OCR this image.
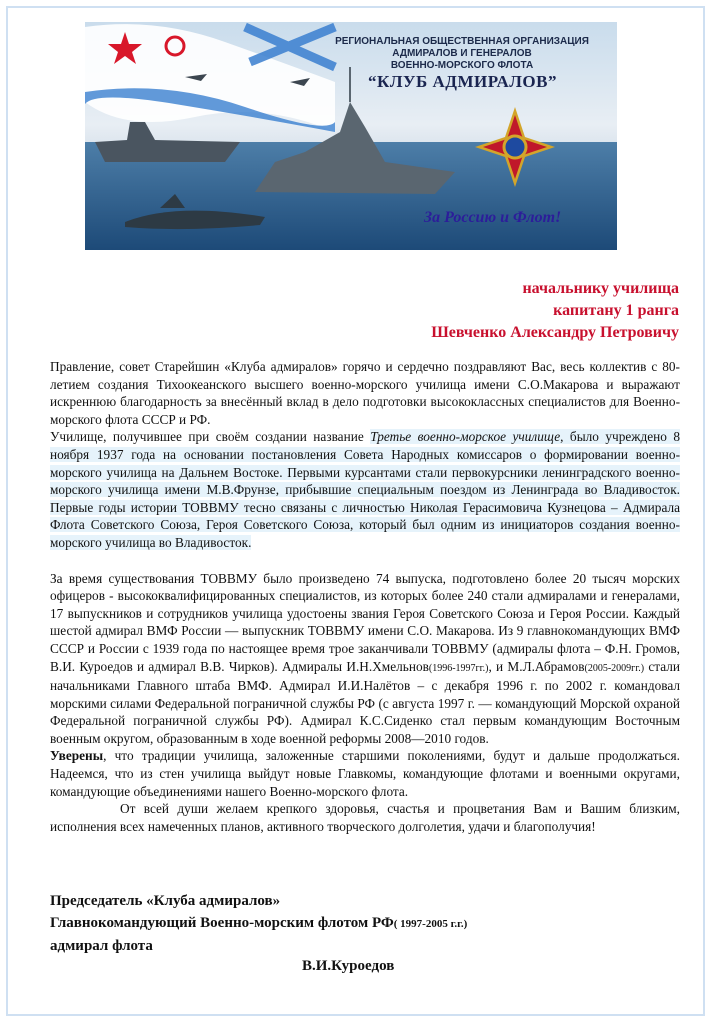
РЕГИОНАЛЬНАЯ ОБЩЕСТВЕННАЯ ОРГАНИЗАЦИЯ
АДМИРАЛОВ И ГЕНЕРАЛОВ
ВОЕННО-МОРСКОГО ФЛОТА
“КЛУБ АДМИРАЛОВ”
За Россию и Флот!
начальнику училища
капитану 1 ранга
Шевченко Александру Петровичу

Правление, совет Старейшин «Клуба адмиралов» горячо и сердечно поздравляют Вас, весь коллектив с 80-летием создания Тихоокеанского высшего военно-морского училища имени С.О.Макарова и выражают искреннюю благодарность за внесённый вклад в дело подготовки высококлассных специалистов для Военно-морского флота СССР и РФ.

Училище, получившее при своём создании название Третье военно-морское училище, было учреждено 8 ноября 1937 года на основании постановления Совета Народных комиссаров о формировании военно-морского училища на Дальнем Востоке. Первыми курсантами стали первокурсники ленинградского военно-морского училища имени М.В.Фрунзе, прибывшие специальным поездом из Ленинграда во Владивосток. Первые годы истории ТОВВМУ тесно связаны с личностью Николая Герасимовича Кузнецова – Адмирала Флота Советского Союза, Героя Советского Союза, который был одним из инициаторов создания военно-морского училища во Владивосток.

За время существования ТОВВМУ было произведено 74 выпуска, подготовлено более 20 тысяч морских офицеров - высококвалифицированных специалистов, из которых более 240 стали адмиралами и генералами, 17 выпускников и сотрудников училища удостоены звания Героя Советского Союза и Героя России. Каждый шестой адмирал ВМФ России — выпускник ТОВВМУ имени С.О. Макарова. Из 9 главнокомандующих ВМФ СССР и России с 1939 года по настоящее время трое заканчивали ТОВВМУ (адмиралы флота – Ф.Н. Громов, В.И. Куроедов и адмирал В.В. Чирков). Адмиралы И.Н.Хмельнов(1996-1997гг.), и М.Л.Абрамов(2005-2009гг.) стали начальниками Главного штаба ВМФ. Адмирал И.И.Налётов – с декабря 1996 г. по 2002 г. командовал морскими силами Федеральной пограничной службы РФ (с августа 1997 г. — командующий Морской охраной Федеральной пограничной службы РФ). Адмирал К.С.Сиденко стал первым командующим Восточным военным округом, образованным в ходе военной реформы 2008—2010 годов.

Уверены, что традиции училища, заложенные старшими поколениями, будут и дальше продолжаться. Надеемся, что из стен училища выйдут новые Главкомы, командующие флотами и военными округами, командующие объединениями нашего Военно-морского флота.

От всей души желаем крепкого здоровья, счастья и процветания Вам и Вашим близким, исполнения всех намеченных планов, активного творческого долголетия, удачи и благополучия!

Председатель «Клуба адмиралов»
Главнокомандующий Военно-морским флотом РФ( 1997-2005 г.г.)
адмирал флота
В.И.Куроедов
